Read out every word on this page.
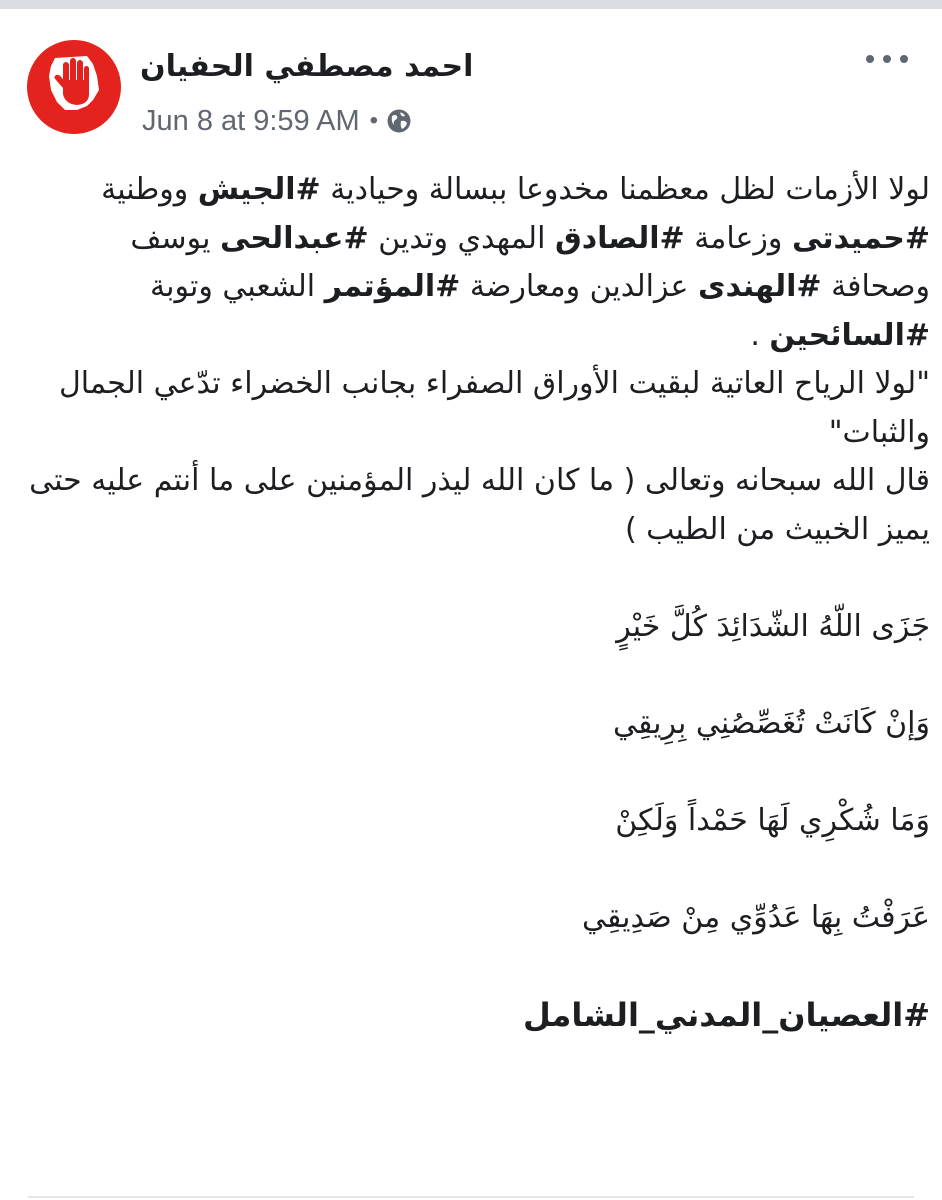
احمد مصطفي الحفيان
Jun 8 at 9:59 AM •

لولا الأزمات لظل معظمنا مخدوعا ببسالة وحيادية #الجيش ووطنية #حميدتى وزعامة #الصادق المهدي وتدين #عبدالحى يوسف وصحافة #الهندى عزالدين ومعارضة #المؤتمر الشعبي وتوبة #السائحين .

"لولا الرياح العاتية لبقيت الأوراق الصفراء بجانب الخضراء تدّعي الجمال والثبات"

قال الله سبحانه وتعالى ( ما كان الله ليذر المؤمنين على ما أنتم عليه حتى يميز الخبيث من الطيب )

جَزَى اللّهُ الشّدَائِدَ كُلَّ خَيْرٍ

وَإنْ كَانَتْ تُغَصِّصُنِي بِرِيقِي

وَمَا شُكْرِي لَهَا حَمْداً وَلَكِنْ

عَرَفْتُ بِهَا عَدُوِّي مِنْ صَدِيقِي

#العصيان_المدني_الشامل
